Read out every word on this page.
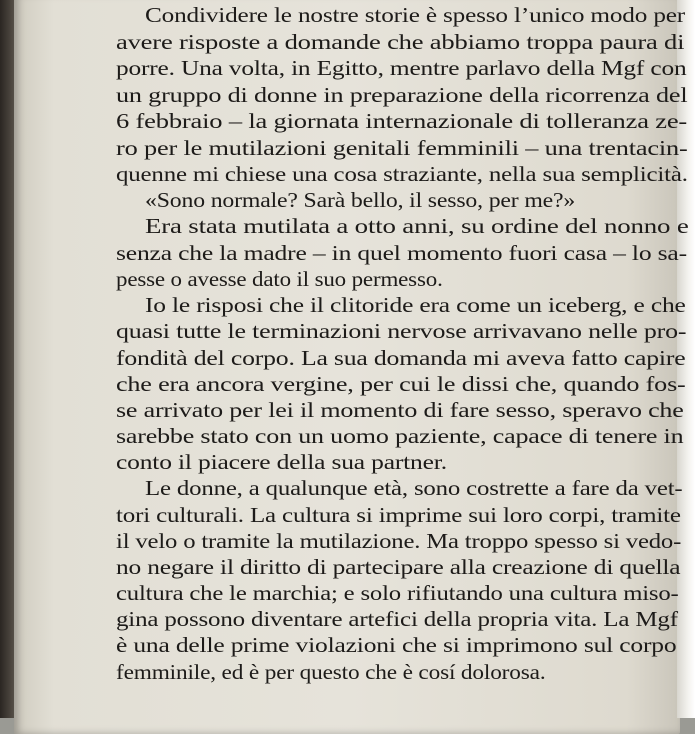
Condividere le nostre storie è spesso l’unico modo per
avere risposte a domande che abbiamo troppa paura di
porre. Una volta, in Egitto, mentre parlavo della Mgf con
un gruppo di donne in preparazione della ricorrenza del
6 febbraio – la giornata internazionale di tolleranza ze-
ro per le mutilazioni genitali femminili – una trentacin-
quenne mi chiese una cosa straziante, nella sua semplicità.
«Sono normale? Sarà bello, il sesso, per me?»
Era stata mutilata a otto anni, su ordine del nonno e
senza che la madre – in quel momento fuori casa – lo sa-
pesse o avesse dato il suo permesso.
Io le risposi che il clitoride era come un iceberg, e che
quasi tutte le terminazioni nervose arrivavano nelle pro-
fondità del corpo. La sua domanda mi aveva fatto capire
che era ancora vergine, per cui le dissi che, quando fos-
se arrivato per lei il momento di fare sesso, speravo che
sarebbe stato con un uomo paziente, capace di tenere in
conto il piacere della sua partner.
Le donne, a qualunque età, sono costrette a fare da vet-
tori culturali. La cultura si imprime sui loro corpi, tramite
il velo o tramite la mutilazione. Ma troppo spesso si vedo-
no negare il diritto di partecipare alla creazione di quella
cultura che le marchia; e solo rifiutando una cultura miso-
gina possono diventare artefici della propria vita. La Mgf
è una delle prime violazioni che si imprimono sul corpo
femminile, ed è per questo che è cosí dolorosa.
